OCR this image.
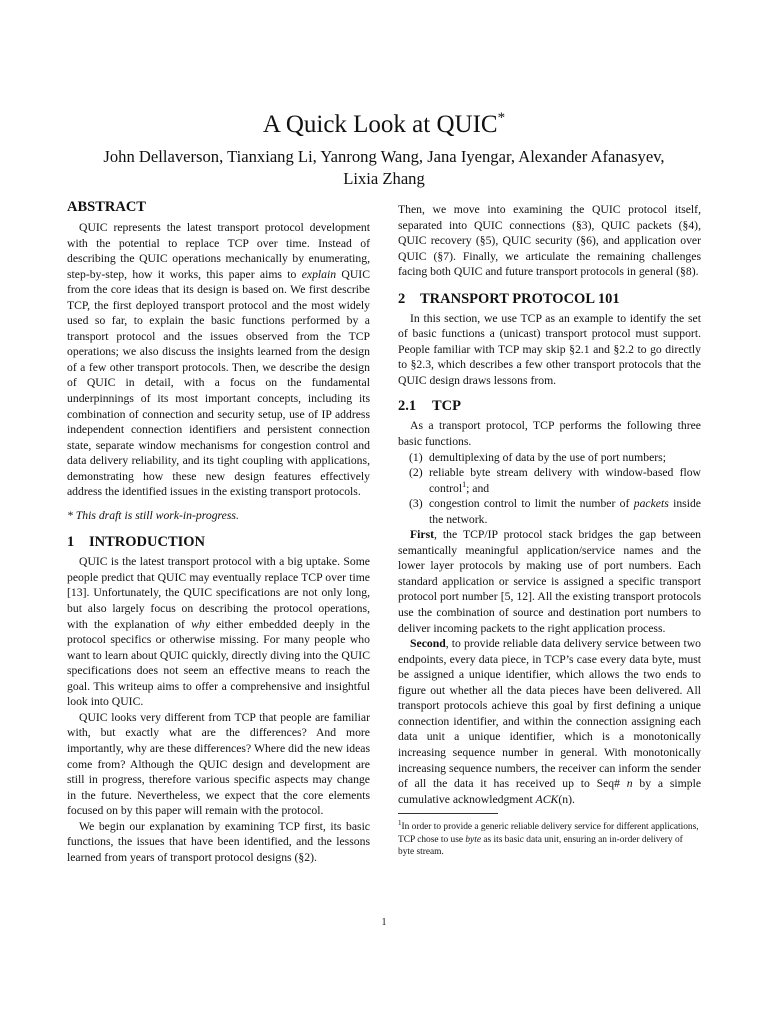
A Quick Look at QUIC*
John Dellaverson, Tianxiang Li, Yanrong Wang, Jana Iyengar, Alexander Afanasyev, Lixia Zhang
ABSTRACT

QUIC represents the latest transport protocol development with the potential to replace TCP over time. Instead of describing the QUIC operations mechanically by enumerating, step-by-step, how it works, this paper aims to explain QUIC from the core ideas that its design is based on. We first describe TCP, the first deployed transport protocol and the most widely used so far, to explain the basic functions performed by a transport protocol and the issues observed from the TCP operations; we also discuss the insights learned from the design of a few other transport protocols. Then, we describe the design of QUIC in detail, with a focus on the fundamental underpinnings of its most important concepts, including its combination of connection and security setup, use of IP address independent connection identifiers and persistent connection state, separate window mechanisms for congestion control and data delivery reliability, and its tight coupling with applications, demonstrating how these new design features effectively address the identified issues in the existing transport protocols.

* This draft is still work-in-progress.

1 INTRODUCTION

QUIC is the latest transport protocol with a big uptake. Some people predict that QUIC may eventually replace TCP over time [13]. Unfortunately, the QUIC specifications are not only long, but also largely focus on describing the protocol operations, with the explanation of why either embedded deeply in the protocol specifics or otherwise missing. For many people who want to learn about QUIC quickly, directly diving into the QUIC specifications does not seem an effective means to reach the goal. This writeup aims to offer a comprehensive and insightful look into QUIC.

QUIC looks very different from TCP that people are familiar with, but exactly what are the differences? And more importantly, why are these differences? Where did the new ideas come from? Although the QUIC design and development are still in progress, therefore various specific aspects may change in the future. Nevertheless, we expect that the core elements focused on by this paper will remain with the protocol.

We begin our explanation by examining TCP first, its basic functions, the issues that have been identified, and the lessons learned from years of transport protocol designs (§2).

Then, we move into examining the QUIC protocol itself, separated into QUIC connections (§3), QUIC packets (§4), QUIC recovery (§5), QUIC security (§6), and application over QUIC (§7). Finally, we articulate the remaining challenges facing both QUIC and future transport protocols in general (§8).

2 TRANSPORT PROTOCOL 101

In this section, we use TCP as an example to identify the set of basic functions a (unicast) transport protocol must support. People familiar with TCP may skip §2.1 and §2.2 to go directly to §2.3, which describes a few other transport protocols that the QUIC design draws lessons from.

2.1 TCP

As a transport protocol, TCP performs the following three basic functions.

(1) demultiplexing of data by the use of port numbers;
(2) reliable byte stream delivery with window-based flow control$^1$; and
(3) congestion control to limit the number of packets inside the network.

First, the TCP/IP protocol stack bridges the gap between semantically meaningful application/service names and the lower layer protocols by making use of port numbers. Each standard application or service is assigned a specific transport protocol port number [5, 12]. All the existing transport protocols use the combination of source and destination port numbers to deliver incoming packets to the right application process.

Second, to provide reliable data delivery service between two endpoints, every data piece, in TCP’s case every data byte, must be assigned a unique identifier, which allows the two ends to figure out whether all the data pieces have been delivered. All transport protocols achieve this goal by first defining a unique connection identifier, and within the connection assigning each data unit a unique identifier, which is a monotonically increasing sequence number in general. With monotonically increasing sequence numbers, the receiver can inform the sender of all the data it has received up to Seq# n by a simple cumulative acknowledgment ACK(n).

$^1$In order to provide a generic reliable delivery service for different applications, TCP chose to use byte as its basic data unit, ensuring an in-order delivery of byte stream.
1
